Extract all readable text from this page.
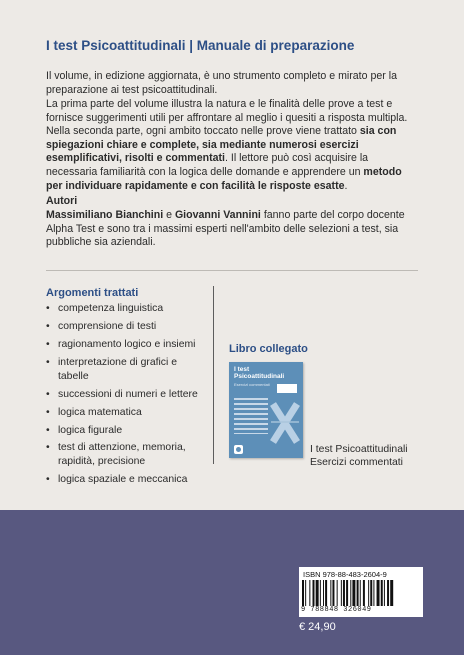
I test Psicoattitudinali | Manuale di preparazione

Il volume, in edizione aggiornata, è uno strumento completo e mirato per la preparazione ai test psicoattitudinali.

La prima parte del volume illustra la natura e le finalità delle prove a test e fornisce suggerimenti utili per affrontare al meglio i quesiti a risposta multipla. Nella seconda parte, ogni ambito toccato nelle prove viene trattato sia con spiegazioni chiare e complete, sia mediante numerosi esercizi esemplificativi, risolti e commentati. Il lettore può così acquisire la necessaria familiarità con la logica delle domande e apprendere un metodo per individuare rapidamente e con facilità le risposte esatte.

Autori

Massimiliano Bianchini e Giovanni Vannini fanno parte del corpo docente Alpha Test e sono tra i massimi esperti nell'ambito delle selezioni a test, sia pubbliche sia aziendali.

Argomenti trattati
• competenza linguistica
• comprensione di testi
• ragionamento logico e insiemi
• interpretazione di grafici e tabelle
• successioni di numeri e lettere
• logica matematica
• logica figurale
• test di attenzione, memoria, rapidità, precisione
• logica spaziale e meccanica
Libro collegato
I test
Psicoattitudinali
Esercizi commentati
I test Psicoattitudinali
Esercizi commentati
ISBN 978-88-483-2604-9
9 788848 326049
€ 24,90
